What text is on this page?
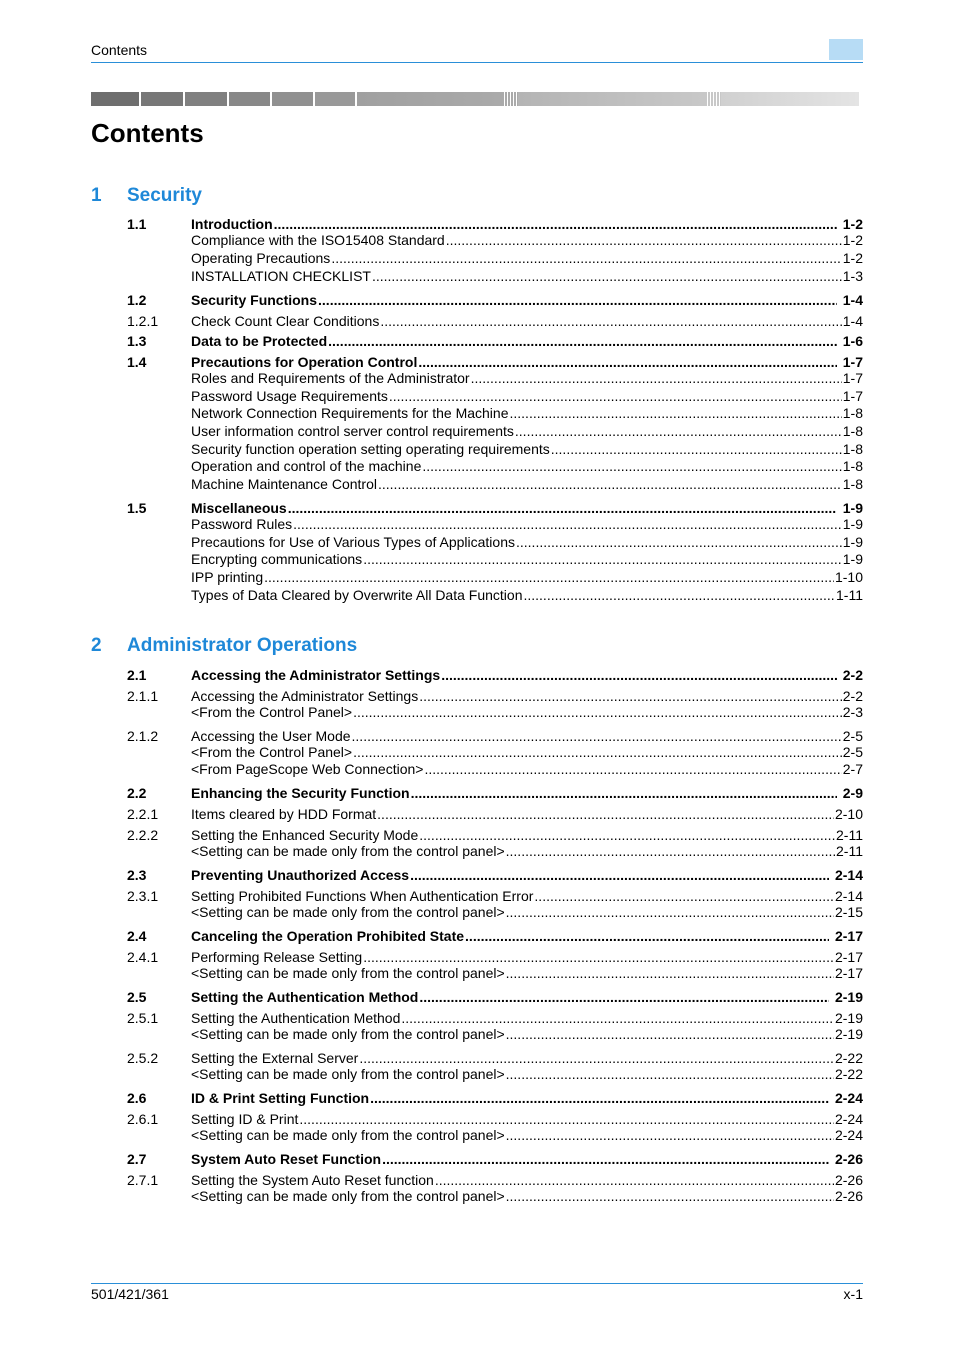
Contents
Contents
1 Security
2 Administrator Operations
1.1	Introduction .....	1-2
Compliance with the ISO15408 Standard .....	1-2
Operating Precautions .....	1-2
INSTALLATION CHECKLIST .....	1-3
1.2	Security Functions .....	1-4
1.2.1 Check Count Clear Conditions .....	1-4
1.3	Data to be Protected .....	1-6
1.4	Precautions for Operation Control .....	1-7
Roles and Requirements of the Administrator .....	1-7
Password Usage Requirements .....	1-7
Network Connection Requirements for the Machine .....	1-8
User information control server control requirements .....	1-8
Security function operation setting operating requirements .....	1-8
Operation and control of the machine .....	1-8
Machine Maintenance Control .....	1-8
1.5	Miscellaneous .....	1-9
Password Rules .....	1-9
Precautions for Use of Various Types of Applications .....	1-9
Encrypting communications .....	1-9
IPP printing .....	1-10
Types of Data Cleared by Overwrite All Data Function .....	1-11
2.1	Accessing the Administrator Settings .....	2-2
2.1.1 Accessing the Administrator Settings .....	2-2
<From the Control Panel> .....	2-3
2.1.2 Accessing the User Mode .....	2-5
<From the Control Panel> .....	2-5
<From PageScope Web Connection> .....	2-7
2.2	Enhancing the Security Function .....	2-9
2.2.1 Items cleared by HDD Format .....	2-10
2.2.2 Setting the Enhanced Security Mode .....	2-11
<Setting can be made only from the control panel> .....	2-11
2.3	Preventing Unauthorized Access .....	2-14
2.3.1 Setting Prohibited Functions When Authentication Error .....	2-14
<Setting can be made only from the control panel> .....	2-15
2.4	Canceling the Operation Prohibited State .....	2-17
2.4.1 Performing Release Setting .....	2-17
<Setting can be made only from the control panel> .....	2-17
2.5	Setting the Authentication Method .....	2-19
2.5.1 Setting the Authentication Method .....	2-19
<Setting can be made only from the control panel> .....	2-19
2.5.2 Setting the External Server .....	2-22
<Setting can be made only from the control panel> .....	2-22
2.6	ID & Print Setting Function .....	2-24
2.6.1 Setting ID & Print .....	2-24
<Setting can be made only from the control panel> .....	2-24
2.7	System Auto Reset Function .....	2-26
2.7.1 Setting the System Auto Reset function .....	2-26
<Setting can be made only from the control panel> .....	2-26
501/421/361	x-1
